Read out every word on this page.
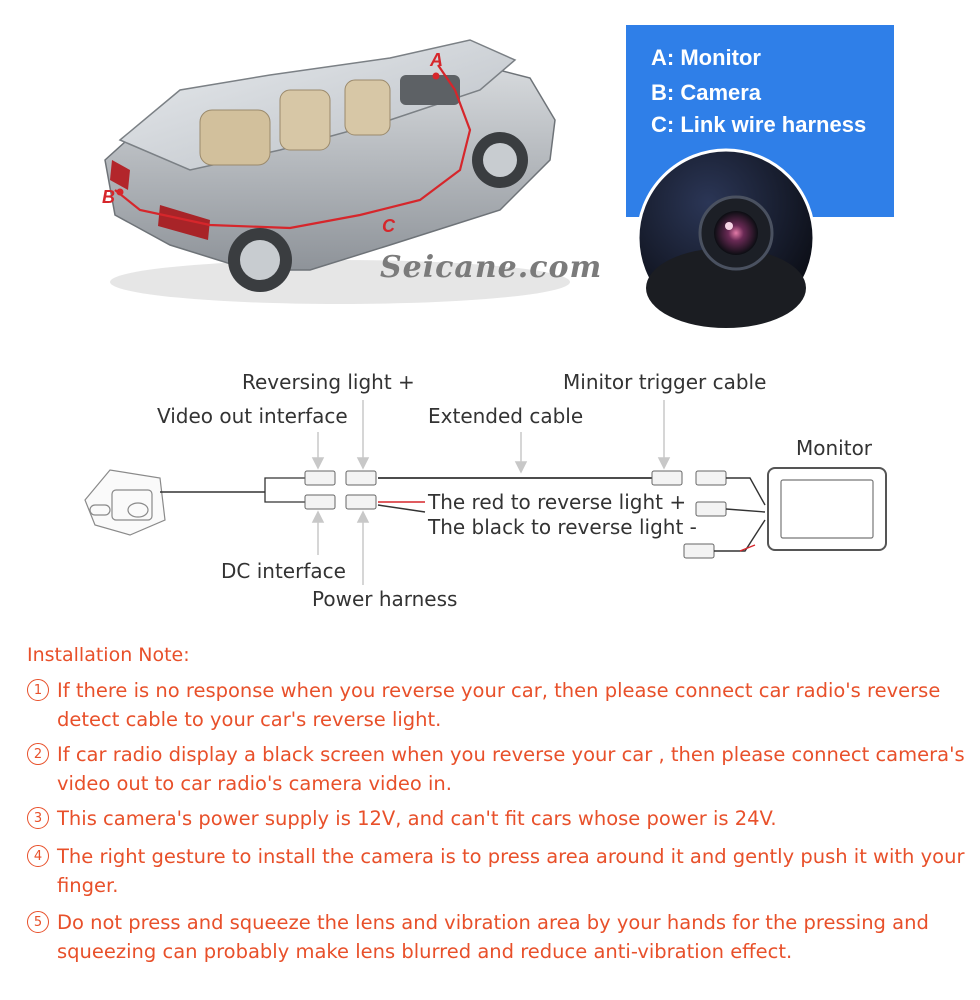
A
B
C
Seicane.com
A: Monitor
B: Camera
C: Link wire harness
Reversing light +
Video out interface	Extended cable
Minitor trigger cable
Monitor
The red to reverse light +
The black to reverse light -
DC interface
Power harness
Installation Note:
1 If there is no response when you reverse your car, then please connect car radio's reverse detect cable to your car's reverse light.
2 If car radio display a black screen when you reverse your car , then please connect camera's video out to car radio's camera video in.
3 This camera's power supply is 12V, and can't fit cars whose power is 24V.
4 The right gesture to install the camera is to press area around it and gently push it with your finger.
5 Do not press and squeeze the lens and vibration area by your hands for the pressing and squeezing can probably make lens blurred and reduce anti-vibration effect.
